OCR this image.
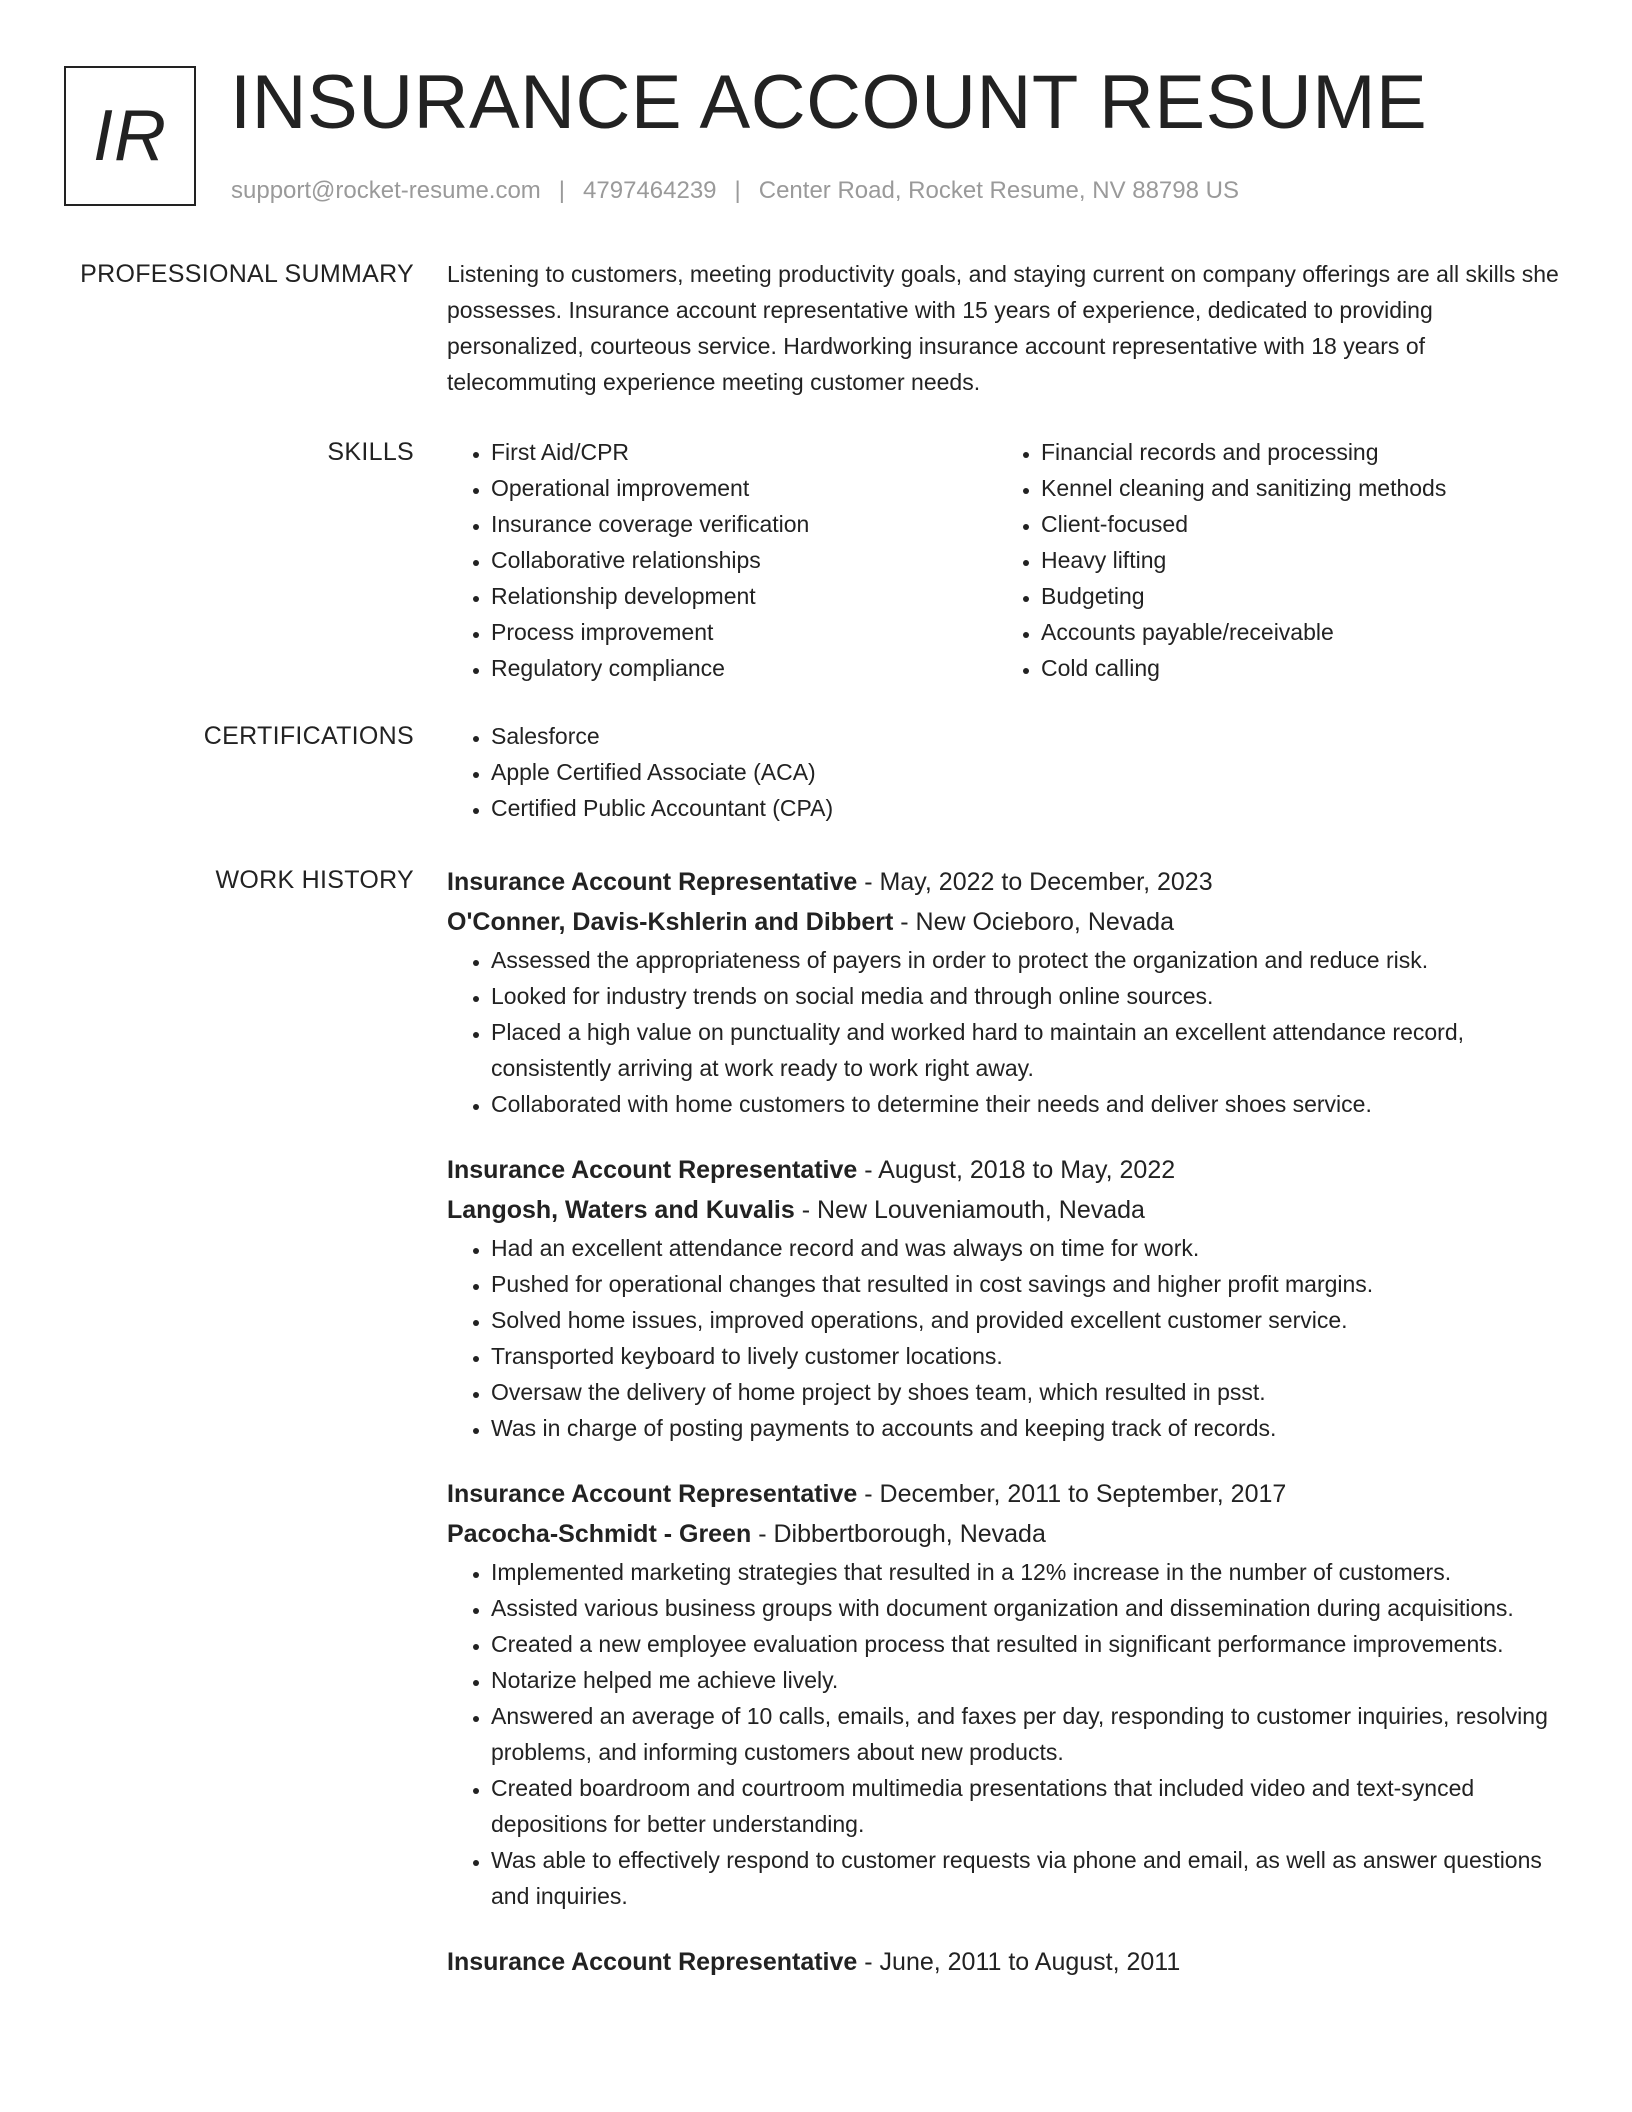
IR INSURANCE ACCOUNT RESUME
support@rocket-resume.com | 4797464239 | Center Road, Rocket Resume, NV 88798 US
PROFESSIONAL SUMMARY Listening to customers, meeting productivity goals, and staying current on company offerings are all skills she possesses. Insurance account representative with 15 years of experience, dedicated to providing personalized, courteous service. Hardworking insurance account representative with 18 years of telecommuting experience meeting customer needs.
SKILLS	• First Aid/CPR
• Operational improvement
• Insurance coverage verification
• Collaborative relationships
• Relationship development
• Process improvement
• Regulatory compliance
• Financial records and processing
• Kennel cleaning and sanitizing methods
• Client-focused
• Heavy lifting
• Budgeting
• Accounts payable/receivable
• Cold calling
CERTIFICATIONS	• Salesforce
• Apple Certified Associate (ACA)
• Certified Public Accountant (CPA)
WORK HISTORY Insurance Account Representative - May, 2022 to December, 2023
O'Conner, Davis-Kshlerin and Dibbert - New Ocieboro, Nevada
• Assessed the appropriateness of payers in order to protect the organization and reduce risk.
• Looked for industry trends on social media and through online sources.
• Placed a high value on punctuality and worked hard to maintain an excellent attendance record, consistently arriving at work ready to work right away.
• Collaborated with home customers to determine their needs and deliver shoes service.
Insurance Account Representative - August, 2018 to May, 2022
Langosh, Waters and Kuvalis - New Louveniamouth, Nevada
• Had an excellent attendance record and was always on time for work.
• Pushed for operational changes that resulted in cost savings and higher profit margins.
• Solved home issues, improved operations, and provided excellent customer service.
• Transported keyboard to lively customer locations.
• Oversaw the delivery of home project by shoes team, which resulted in psst.
• Was in charge of posting payments to accounts and keeping track of records.
Insurance Account Representative - December, 2011 to September, 2017
Pacocha-Schmidt - Green - Dibbertborough, Nevada
• Implemented marketing strategies that resulted in a 12% increase in the number of customers.
• Assisted various business groups with document organization and dissemination during acquisitions.
• Created a new employee evaluation process that resulted in significant performance improvements.
• Notarize helped me achieve lively.
• Answered an average of 10 calls, emails, and faxes per day, responding to customer inquiries, resolving problems, and informing customers about new products.
• Created boardroom and courtroom multimedia presentations that included video and text-synced depositions for better understanding.
• Was able to effectively respond to customer requests via phone and email, as well as answer questions and inquiries.
Insurance Account Representative - June, 2011 to August, 2011
